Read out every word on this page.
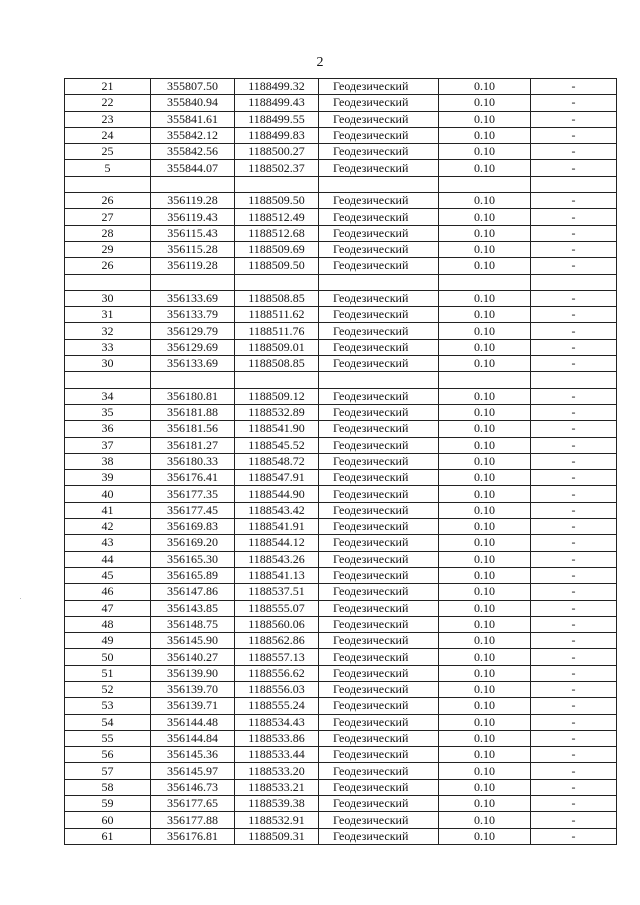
2
21	355807.50	1188499.32	Геодезический	0.10	-
22	355840.94	1188499.43	Геодезический	0.10	-
23	355841.61	1188499.55	Геодезический	0.10	-
24	355842.12	1188499.83	Геодезический	0.10	-
25	355842.56	1188500.27	Геодезический	0.10	-
5	355844.07	1188502.37	Геодезический	0.10	-

26	356119.28	1188509.50	Геодезический	0.10	-
27	356119.43	1188512.49	Геодезический	0.10	-
28	356115.43	1188512.68	Геодезический	0.10	-
29	356115.28	1188509.69	Геодезический	0.10	-
26	356119.28	1188509.50	Геодезический	0.10	-

30	356133.69	1188508.85	Геодезический	0.10	-
31	356133.79	1188511.62	Геодезический	0.10	-
32	356129.79	1188511.76	Геодезический	0.10	-
33	356129.69	1188509.01	Геодезический	0.10	-
30	356133.69	1188508.85	Геодезический	0.10	-

34	356180.81	1188509.12	Геодезический	0.10	-
35	356181.88	1188532.89	Геодезический	0.10	-
36	356181.56	1188541.90	Геодезический	0.10	-
37	356181.27	1188545.52	Геодезический	0.10	-
38	356180.33	1188548.72	Геодезический	0.10	-
39	356176.41	1188547.91	Геодезический	0.10	-
40	356177.35	1188544.90	Геодезический	0.10	-
41	356177.45	1188543.42	Геодезический	0.10	-
42	356169.83	1188541.91	Геодезический	0.10	-
43	356169.20	1188544.12	Геодезический	0.10	-
44	356165.30	1188543.26	Геодезический	0.10	-
45	356165.89	1188541.13	Геодезический	0.10	-
46	356147.86	1188537.51	Геодезический	0.10	-
47	356143.85	1188555.07	Геодезический	0.10	-
48	356148.75	1188560.06	Геодезический	0.10	-
49	356145.90	1188562.86	Геодезический	0.10	-
50	356140.27	1188557.13	Геодезический	0.10	-
51	356139.90	1188556.62	Геодезический	0.10	-
52	356139.70	1188556.03	Геодезический	0.10	-
53	356139.71	1188555.24	Геодезический	0.10	-
54	356144.48	1188534.43	Геодезический	0.10	-
55	356144.84	1188533.86	Геодезический	0.10	-
56	356145.36	1188533.44	Геодезический	0.10	-
57	356145.97	1188533.20	Геодезический	0.10	-
58	356146.73	1188533.21	Геодезический	0.10	-
59	356177.65	1188539.38	Геодезический	0.10	-
60	356177.88	1188532.91	Геодезический	0.10	-
61	356176.81	1188509.31	Геодезический	0.10	-
